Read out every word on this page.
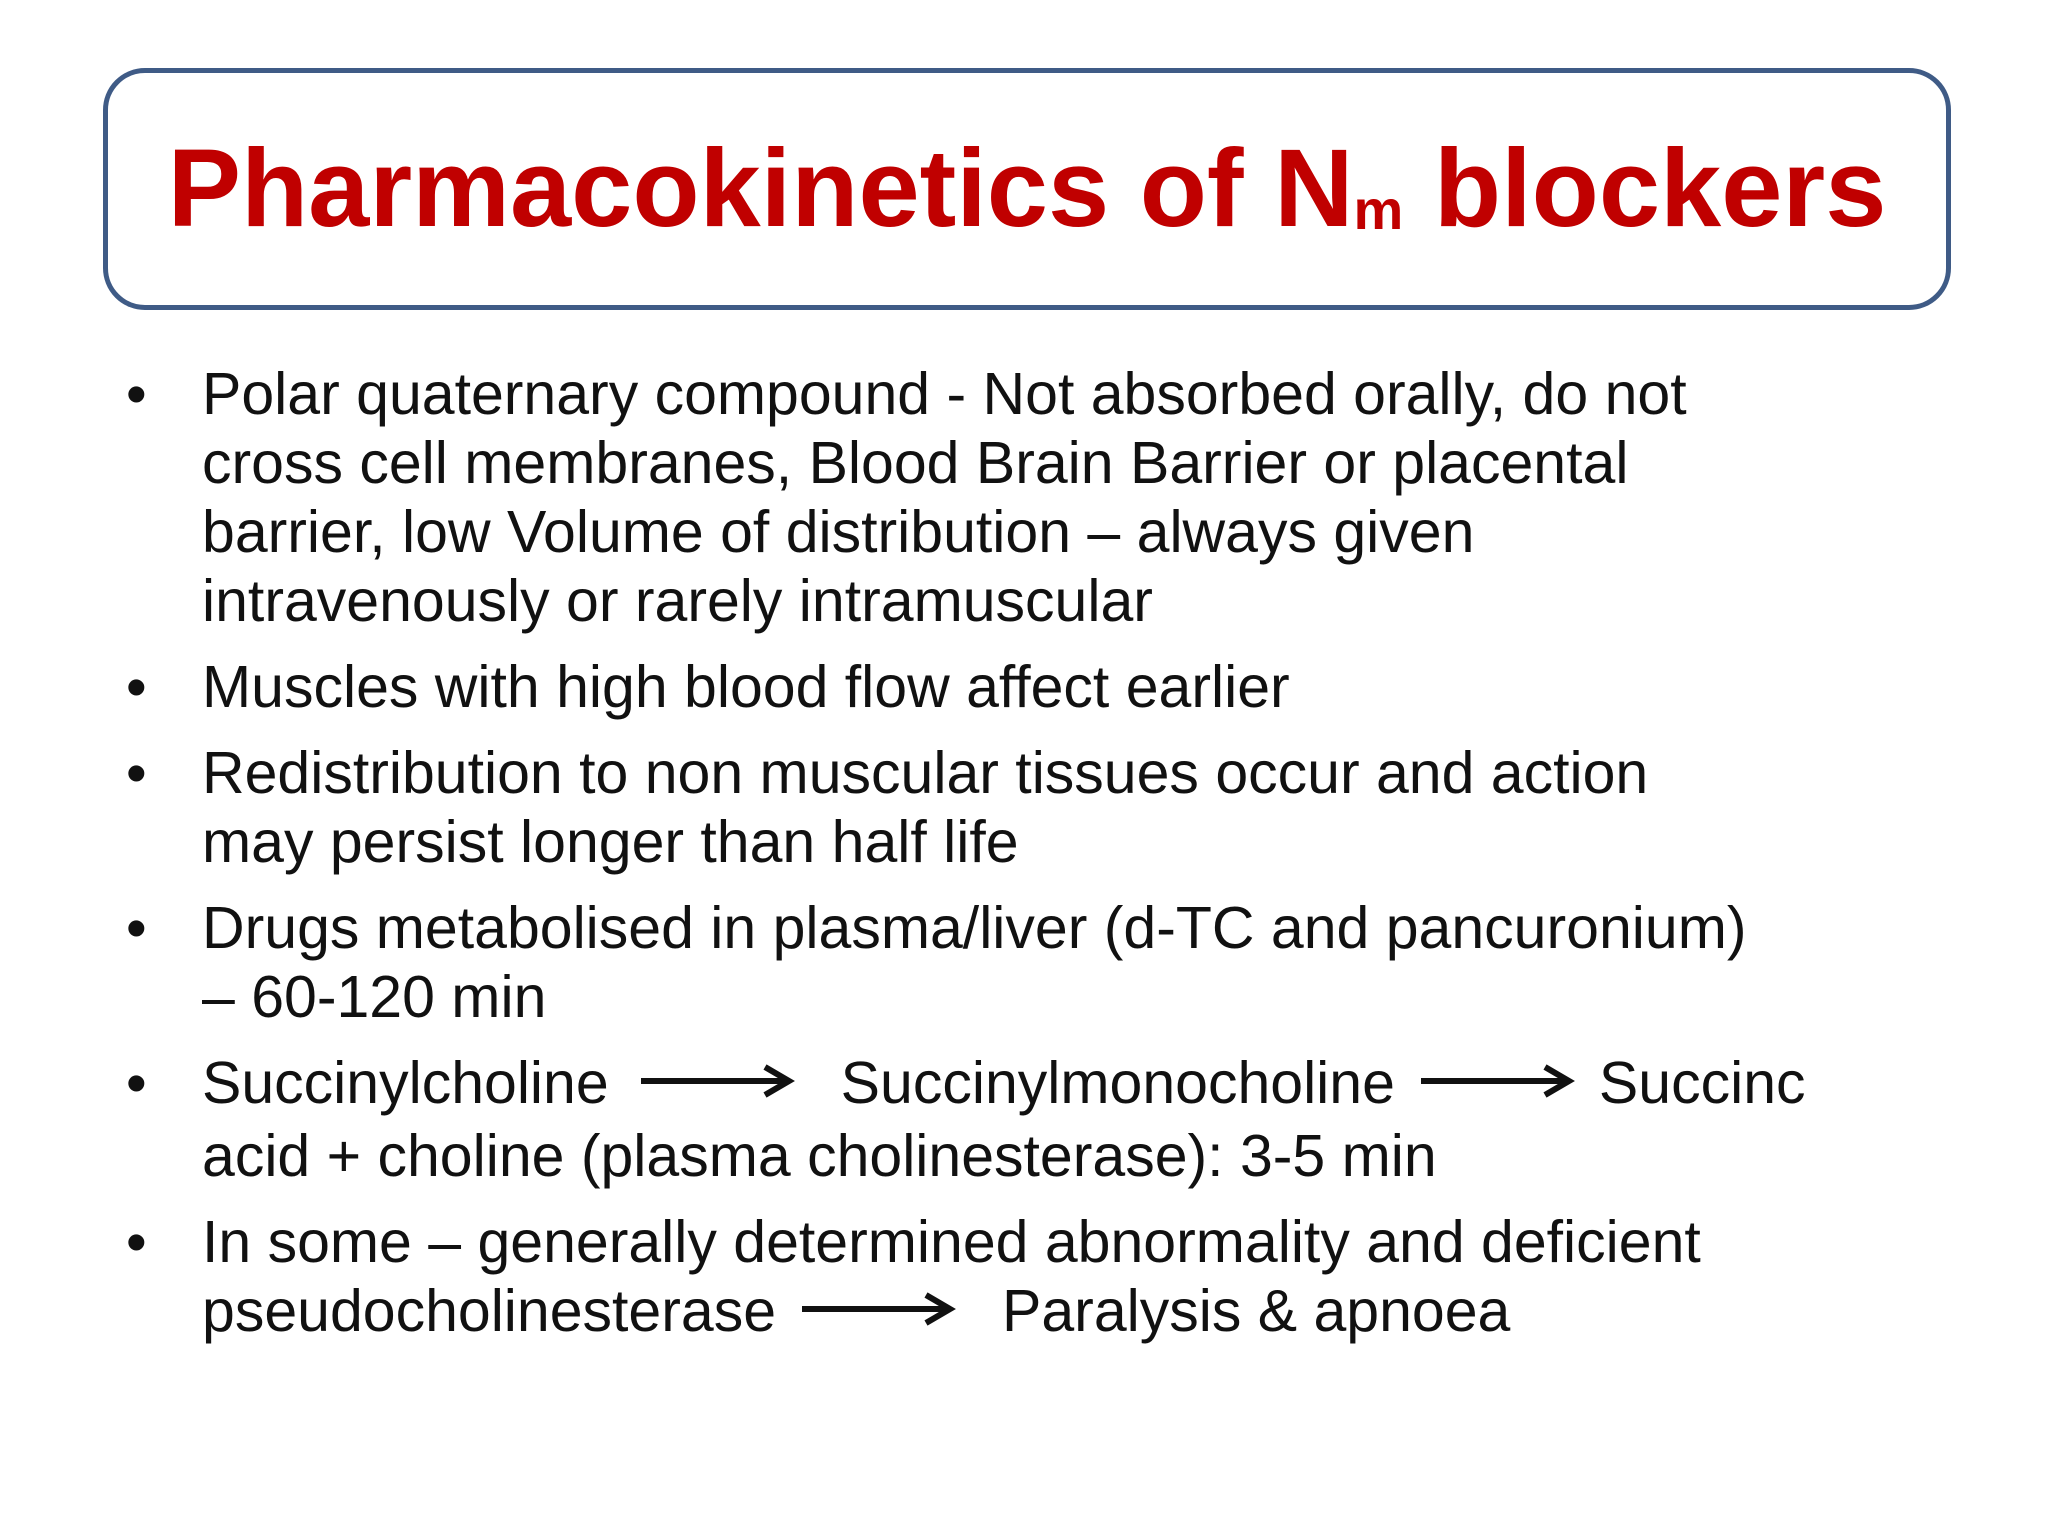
Pharmacokinetics of Nm blockers
• Polar quaternary compound - Not absorbed orally, do not
cross cell membranes, Blood Brain Barrier or placental
barrier, low Volume of distribution – always given
intravenously or rarely intramuscular
• Muscles with high blood flow affect earlier
• Redistribution to non muscular tissues occur and action
may persist longer than half life
• Drugs metabolised in plasma/liver (d-TC and pancuronium)
– 60-120 min
• Succinylcholine	Succinylmonocholine	Succinc
acid + choline (plasma cholinesterase): 3-5 min
• In some – generally determined abnormality and deficient
pseudocholinesterase	Paralysis & apnoea
